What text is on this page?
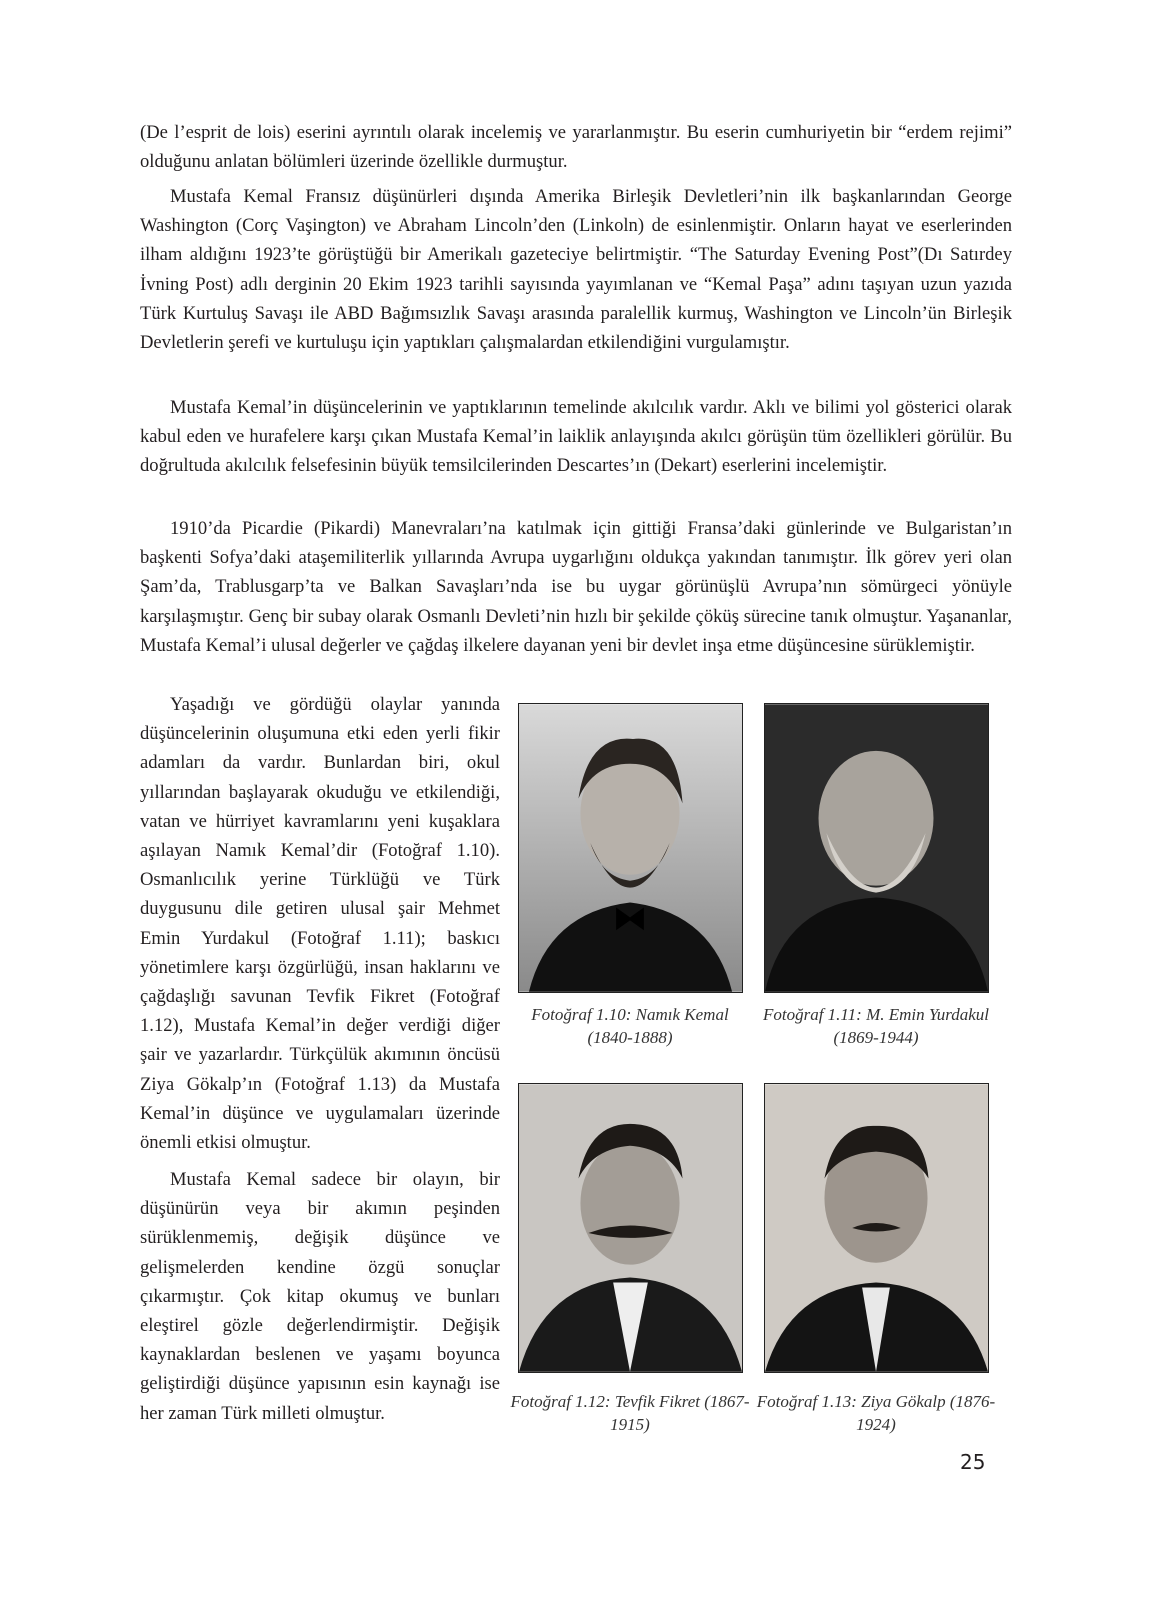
(De l’esprit de lois) eserini ayrıntılı olarak incelemiş ve yararlanmıştır. Bu eserin cumhuriyetin bir “erdem rejimi” olduğunu anlatan bölümleri üzerinde özellikle durmuştur.

Mustafa Kemal Fransız düşünürleri dışında Amerika Birleşik Devletleri’nin ilk başkanlarından George Washington (Corç Vaşington) ve Abraham Lincoln’den (Linkoln) de esinlenmiştir. Onların hayat ve eserlerinden ilham aldığını 1923’te görüştüğü bir Amerikalı gazeteciye belirtmiştir. “The Saturday Evening Post”(Dı Satırdey İvning Post) adlı derginin 20 Ekim 1923 tarihli sayısında yayımlanan ve “Kemal Paşa” adını taşıyan uzun yazıda Türk Kurtuluş Savaşı ile ABD Bağımsızlık Savaşı arasında paralellik kurmuş, Washington ve Lincoln’ün Birleşik Devletlerin şerefi ve kurtuluşu için yaptıkları çalışmalardan etkilendiğini vurgulamıştır.

Mustafa Kemal’in düşüncelerinin ve yaptıklarının temelinde akılcılık vardır. Aklı ve bilimi yol gösterici olarak kabul eden ve hurafelere karşı çıkan Mustafa Kemal’in laiklik anlayışında akılcı görüşün tüm özellikleri görülür. Bu doğrultuda akılcılık felsefesinin büyük temsilcilerinden Descartes’ın (Dekart) eserlerini incelemiştir.

1910’da Picardie (Pikardi) Manevraları’na katılmak için gittiği Fransa’daki günlerinde ve Bulgaristan’ın başkenti Sofya’daki ataşemiliterlik yıllarında Avrupa uygarlığını oldukça yakından tanımıştır. İlk görev yeri olan Şam’da, Trablusgarp’ta ve Balkan Savaşları’nda ise bu uygar görünüşlü Avrupa’nın sömürgeci yönüyle karşılaşmıştır. Genç bir subay olarak Osmanlı Devleti’nin hızlı bir şekilde çöküş sürecine tanık olmuştur. Yaşananlar, Mustafa Kemal’i ulusal değerler ve çağdaş ilkelere dayanan yeni bir devlet inşa etme düşüncesine sürüklemiştir.

Yaşadığı ve gördüğü olaylar yanında düşüncelerinin oluşumuna etki eden yerli fikir adamları da vardır. Bunlardan biri, okul yıllarından başlayarak okuduğu ve etkilendiği, vatan ve hürriyet kavramlarını yeni kuşaklara aşılayan Namık Kemal’dir (Fotoğraf 1.10). Osmanlıcılık yerine Türklüğü ve Türk duygusunu dile getiren ulusal şair Mehmet Emin Yurdakul (Fotoğraf 1.11); baskıcı yönetimlere karşı özgürlüğü, insan haklarını ve çağdaşlığı savunan Tevfik Fikret (Fotoğraf 1.12), Mustafa Kemal’in değer verdiği diğer şair ve yazarlardır. Türkçülük akımının öncüsü Ziya Gökalp’ın (Fotoğraf 1.13) da Mustafa Kemal’in düşünce ve uygulamaları üzerinde önemli etkisi olmuştur.

Mustafa Kemal sadece bir olayın, bir düşünürün veya bir akımın peşinden sürüklenmemiş, değişik düşünce ve gelişmelerden kendine özgü sonuçlar çıkarmıştır. Çok kitap okumuş ve bunları eleştirel gözle değerlendirmiştir. Değişik kaynaklardan beslenen ve yaşamı boyunca geliştirdiği düşünce yapısının esin kaynağı ise her zaman Türk milleti olmuştur.

Fotoğraf 1.10: Namık Kemal (1840-1888)
Fotoğraf 1.11: M. Emin Yurdakul (1869-1944)
Fotoğraf 1.12: Tevfik Fikret (1867-1915)
Fotoğraf 1.13: Ziya Gökalp (1876-1924)
25
